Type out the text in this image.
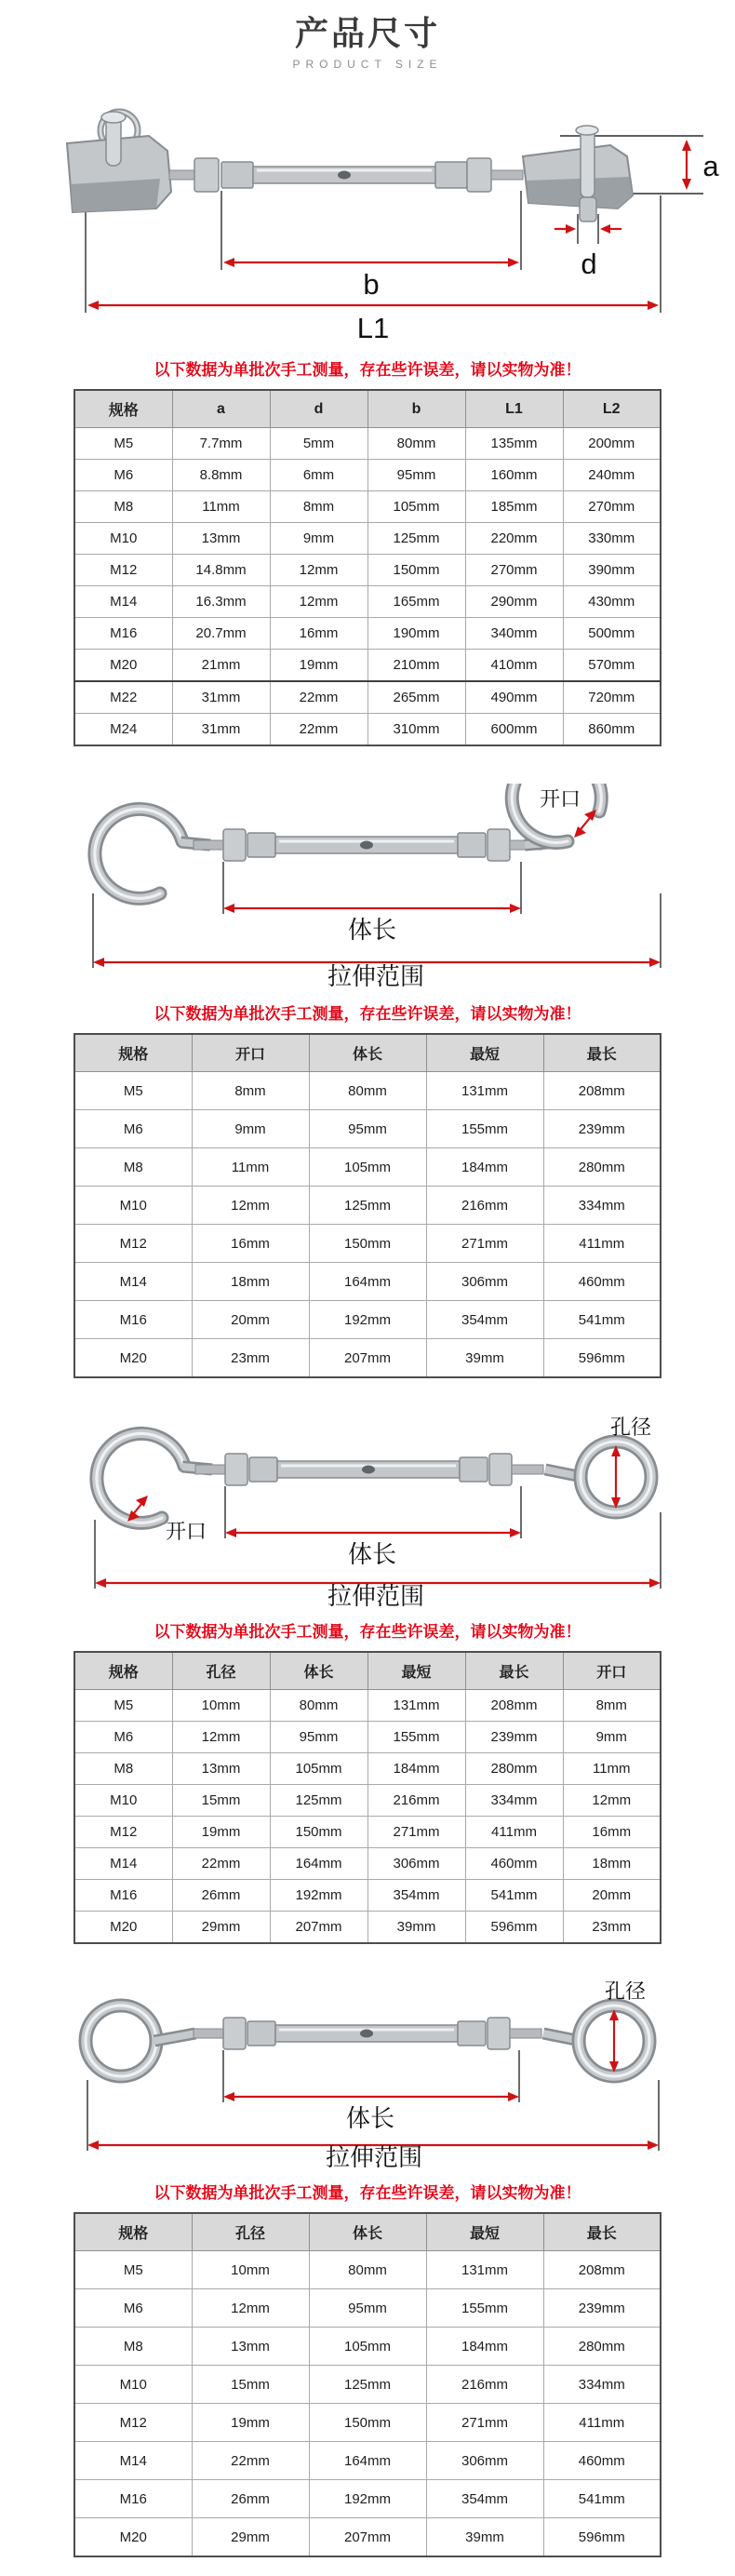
产品尺寸
PRODUCT SIZE
b
L1
a
d
以下数据为单批次手工测量，存在些许误差，请以实物为准！
规格	a	d	b	L1	L2
M5	7.7mm	5mm	80mm	135mm	200mm
M6	8.8mm	6mm	95mm	160mm	240mm
M8	11mm	8mm	105mm	185mm	270mm
M10	13mm	9mm	125mm	220mm	330mm
M12	14.8mm	12mm	150mm	270mm	390mm
M14	16.3mm	12mm	165mm	290mm	430mm
M16	20.7mm	16mm	190mm	340mm	500mm
M20	21mm	19mm	210mm	410mm	570mm
M22	31mm	22mm	265mm	490mm	720mm
M24	31mm	22mm	310mm	600mm	860mm
开口
体长
拉伸范围
以下数据为单批次手工测量，存在些许误差，请以实物为准！
规格	开口	体长	最短	最长
M5	8mm	80mm	131mm	208mm
M6	9mm	95mm	155mm	239mm
M8	11mm	105mm	184mm	280mm
M10	12mm	125mm	216mm	334mm
M12	16mm	150mm	271mm	411mm
M14	18mm	164mm	306mm	460mm
M16	20mm	192mm	354mm	541mm
M20	23mm	207mm	39mm	596mm
开口
孔径
体长
拉伸范围
以下数据为单批次手工测量，存在些许误差，请以实物为准！
规格	孔径	体长	最短	最长	开口
M5	10mm	80mm	131mm	208mm	8mm
M6	12mm	95mm	155mm	239mm	9mm
M8	13mm	105mm	184mm	280mm	11mm
M10	15mm	125mm	216mm	334mm	12mm
M12	19mm	150mm	271mm	411mm	16mm
M14	22mm	164mm	306mm	460mm	18mm
M16	26mm	192mm	354mm	541mm	20mm
M20	29mm	207mm	39mm	596mm	23mm
孔径
体长
拉伸范围
以下数据为单批次手工测量，存在些许误差，请以实物为准！
规格	孔径	体长	最短	最长
M5	10mm	80mm	131mm	208mm
M6	12mm	95mm	155mm	239mm
M8	13mm	105mm	184mm	280mm
M10	15mm	125mm	216mm	334mm
M12	19mm	150mm	271mm	411mm
M14	22mm	164mm	306mm	460mm
M16	26mm	192mm	354mm	541mm
M20	29mm	207mm	39mm	596mm
